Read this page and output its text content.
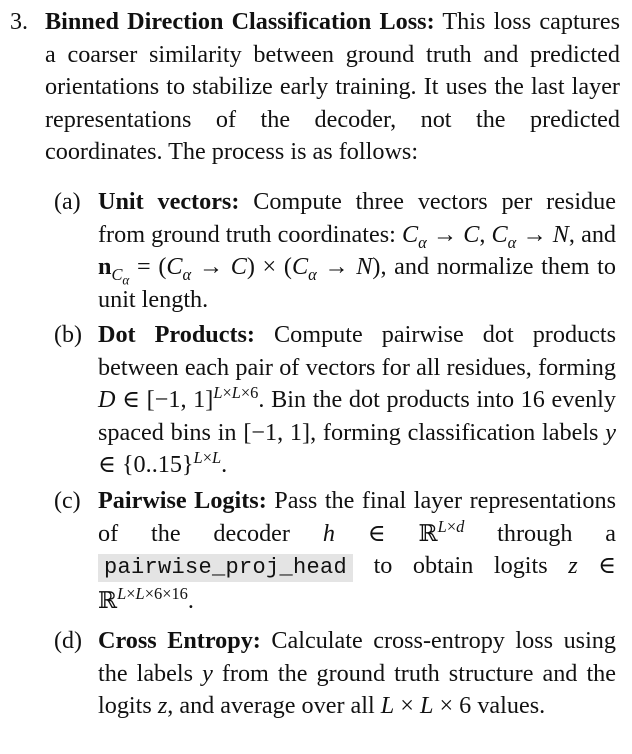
3. Binned Direction Classification Loss: This loss captures a coarser similarity between ground truth and predicted orientations to stabilize early training. It uses the last layer representations of the decoder, not the predicted coordinates. The process is as follows:
(a) Unit vectors: Compute three vectors per residue from ground truth coordinates: $C_\alpha \to C$, $C_\alpha \to N$, and $n_{C_\alpha} = (C_\alpha \to C) \times (C_\alpha \to N)$, and normalize them to unit length.
(b) Dot Products: Compute pairwise dot products between each pair of vectors for all residues, forming D ∈ [−1, 1]$^{L\times L\times 6}$. Bin the dot products into 16 evenly spaced bins in [−1, 1], forming classification labels y ∈ $\{0..15\}^{L\times L}$.
(c) Pairwise Logits: Pass the final layer representations of the decoder h ∈ ℝ$^{L\times d}$ through a pairwise_proj_head to obtain logits z ∈ ℝ$^{L\times L\times 6\times 16}$.
(d) Cross Entropy: Calculate cross-entropy loss using the labels y from the ground truth structure and the logits z, and average over all L × L × 6 values.
